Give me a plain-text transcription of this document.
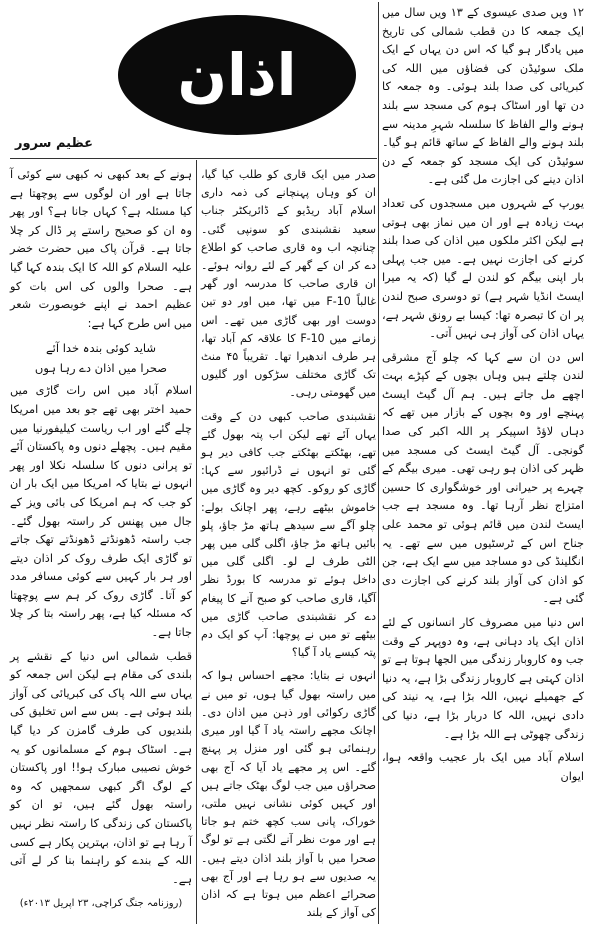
اذان
عظیم سرور

۱۲ ویں صدی عیسوی کے ۱۳ ویں سال میں ایک جمعہ کا دن قطب شمالی کی تاریخ میں یادگار ہو گیا کہ اس دن یہاں کے ایک ملک سوئیڈن کی فضاؤں میں اللہ کی کبریائی کی صدا بلند ہوئی۔ وہ جمعہ کا دن تھا اور اسٹاک ہوم کی مسجد سے بلند ہونے والے الفاظ کا سلسلہ شہرِ مدینہ سے بلند ہونے والے الفاظ کے ساتھ قائم ہو گیا۔ سوئیڈن کی ایک مسجد کو جمعہ کے دن اذان دینے کی اجازت مل گئی ہے۔

یورپ کے شہروں میں مسجدوں کی تعداد بہت زیادہ ہے اور ان میں نماز بھی ہوتی ہے لیکن اکثر ملکوں میں اذان کی صدا بلند کرنے کی اجازت نہیں ہے۔ میں جب پہلی بار اپنی بیگم کو لندن لے گیا (کہ یہ میرا ایسٹ انڈیا شہر ہے) تو دوسری صبح لندن پر ان کا تبصرہ تھا: کیسا بے رونق شہر ہے، یہاں اذان کی آواز ہی نہیں آتی۔

اس دن ان سے کہا کہ چلو آج مشرقی لندن چلتے ہیں وہاں بچوں کے کپڑے بہت اچھے مل جاتے ہیں۔ ہم آل گیٹ ایسٹ پہنچے اور وہ بچوں کے بازار میں تھے کہ دہاں لاؤڈ اسپیکر پر اللہ اکبر کی صدا گونجی۔ آل گیٹ ایسٹ کی مسجد میں ظہر کی اذان ہو رہی تھی۔ میری بیگم کے چہرے پر حیرانی اور خوشگواری کا حسین امتزاج نظر آرہا تھا۔ وہ مسجد ہے جب ایسٹ لندن میں قائم ہوئی تو محمد علی جناح اس کے ٹرسٹیوں میں سے تھے۔ یہ انگلینڈ کی دو مساجد میں سے ایک ہے، جن کو اذان کی آواز بلند کرنے کی اجازت دی گئی ہے۔

اس دنیا میں مصروف کار انسانوں کے لئے اذان ایک یاد دہانی ہے، وہ دوپہر کے وقت جب وہ کاروبار زندگی میں الجھا ہوتا ہے تو اذان کہتی ہے کاروبار زندگی بڑا ہے، یہ دنیا کے جھمیلے نہیں، اللہ بڑا ہے، یہ نیند کی دادی نہیں، اللہ کا دربار بڑا ہے، دنیا کی زندگی چھوٹی ہے اللہ بڑا ہے۔

اسلام آباد میں ایک بار عجیب واقعہ ہوا، ایوان

صدر میں ایک قاری کو طلب کیا گیا، ان کو وہاں پہنچانے کی ذمہ داری اسلام آباد ریڈیو کے ڈائریکٹر جناب سعید نقشبندی کو سونپی گئی۔ چنانچہ اب وہ قاری صاحب کو اطلاع دے کر ان کے گھر کے لئے روانہ ہوئے۔ ان قاری صاحب کا مدرسہ اور گھر غالباً F-10 میں تھا، میں اور دو تین دوست اور بھی گاڑی میں تھے۔ اس زمانے میں F-10 کا علاقہ کم آباد تھا، ہر طرف اندھیرا تھا۔ تقریباً ۴۵ منٹ تک گاڑی مختلف سڑکوں اور گلیوں میں گھومتی رہی۔

نقشبندی صاحب کبھی دن کے وقت یہاں آئے تھے لیکن اب پتہ بھول گئے تھے، بھٹکتے بھٹکتے جب کافی دیر ہو گئی تو انہوں نے ڈرائیور سے کہا: گاڑی کو روکو۔ کچھ دیر وہ گاڑی میں خاموش بیٹھے رہے، پھر اچانک بولے: چلو آگے سے سیدھے ہاتھ مڑ جاؤ، پلو بائیں ہاتھ مڑ جاؤ، اگلی گلی میں پھر الٹی طرف لے لو۔ اگلی گلی میں داخل ہوئے تو مدرسہ کا بورڈ نظر آگیا، قاری صاحب کو صبح آنے کا پیغام دے کر نقشبندی صاحب گاڑی میں بیٹھے تو میں نے پوچھا: آپ کو ایک دم پتہ کیسے یاد آ گیا؟

انہوں نے بتایا: مجھے احساس ہوا کہ میں راستہ بھول گیا ہوں، تو میں نے گاڑی رکوائی اور ذہن میں اذان دی۔ اچانک مجھے راستہ یاد آ گیا اور میری رہنمائی ہو گئی اور منزل پر پہنچ گئے۔ اس پر مجھے یاد آیا کہ آج بھی صحراؤں میں جب لوگ بھٹک جاتے ہیں اور کہیں کوئی نشانی نہیں ملتی، خوراک، پانی سب کچھ ختم ہو جاتا ہے اور موت نظر آنے لگتی ہے تو لوگ صحرا میں با آواز بلند اذان دیتے ہیں۔ یہ صدیوں سے ہو رہا ہے اور آج بھی صحرائے اعظم میں ہوتا ہے کہ اذان کی آواز کے بلند

ہونے کے بعد کبھی نہ کبھی سے کوئی آ جاتا ہے اور ان لوگوں سے پوچھتا ہے کیا مسئلہ ہے؟ کہاں جانا ہے؟ اور پھر وہ ان کو صحیح راستے پر ڈال کر چلا جاتا ہے۔ قرآن پاک میں حضرت خضر علیہ السلام کو اللہ کا ایک بندہ کہا گیا ہے۔ صحرا والوں کی اس بات کو عظیم احمد نے اپنے خوبصورت شعر میں اس طرح کہا ہے:

شاید کوئی بندہ خدا آئے
صحرا میں اذان دے رہا ہوں

اسلام آباد میں اس رات گاڑی میں حمید اختر بھی تھے جو بعد میں امریکا چلے گئے اور اب ریاست کیلیفورنیا میں مقیم ہیں۔ پچھلے دنوں وہ پاکستان آئے تو پرانی دنوں کا سلسلہ نکلا اور پھر انہوں نے بتایا کہ امریکا میں ایک بار ان کو جب کہ ہم امریکا کی بائی ویز کے جال میں پھنس کر راستہ بھول گئے۔ جب راستہ ڈھونڈتے ڈھونڈتے تھک جاتے تو گاڑی ایک طرف روک کر اذان دیتے اور ہر بار کہیں سے کوئی مسافر مدد کو آتا۔ گاڑی روک کر ہم سے پوچھتا کہ مسئلہ کیا ہے، پھر راستہ بتا کر چلا جاتا ہے۔

قطب شمالی اس دنیا کے نقشے پر بلندی کی مقام ہے لیکن اس جمعہ کو یہاں سے اللہ پاک کی کبریائی کی آواز بلند ہوئی ہے۔ بس سے اس تخلیق کی بلندیوں کی طرف گامزن کر دیا گیا ہے۔ اسٹاک ہوم کے مسلمانوں کو یہ خوش نصیبی مبارک ہو!! اور پاکستان کے لوگ اگر کبھی سمجھیں کہ وہ راستہ بھول گئے ہیں، تو ان کو پاکستان کی زندگی کا راستہ نظر نہیں آ رہا ہے تو اذان، بہترین پکار ہے کسی اللہ کے بندے کو راہنما بنا کر لے آتی ہے۔

(روزنامہ جنگ کراچی، ۲۳ اپریل ۲۰۱۳ء)
